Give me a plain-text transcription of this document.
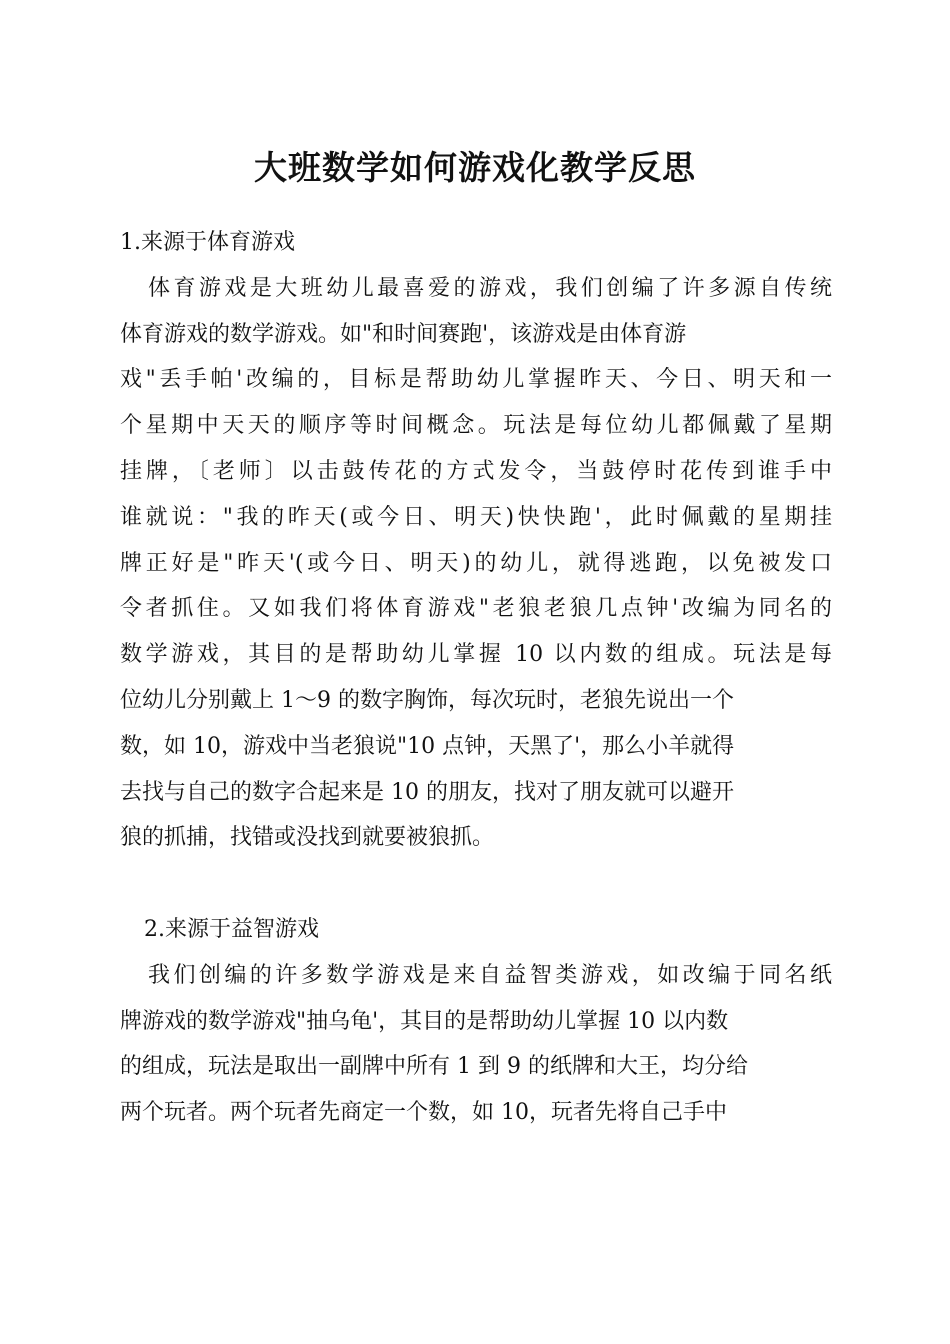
大班数学如何游戏化教学反思

1.来源于体育游戏

体育游戏是大班幼儿最喜爱的游戏，我们创编了许多源自传统
体育游戏的数学游戏。如"和时间赛跑'，该游戏是由体育游
戏"丢手帕'改编的，目标是帮助幼儿掌握昨天、今日、明天和一
个星期中天天的顺序等时间概念。玩法是每位幼儿都佩戴了星期
挂牌，〔老师〕以击鼓传花的方式发令，当鼓停时花传到谁手中
谁就说："我的昨天(或今日、明天)快快跑'，此时佩戴的星期挂
牌正好是"昨天'(或今日、明天)的幼儿，就得逃跑，以免被发口
令者抓住。又如我们将体育游戏"老狼老狼几点钟'改编为同名的
数学游戏，其目的是帮助幼儿掌握 10 以内数的组成。玩法是每
位幼儿分别戴上 1～9 的数字胸饰，每次玩时，老狼先说出一个
数，如 10，游戏中当老狼说"10 点钟，天黑了'，那么小羊就得
去找与自己的数字合起来是 10 的朋友，找对了朋友就可以避开
狼的抓捕，找错或没找到就要被狼抓。

2.来源于益智游戏

我们创编的许多数学游戏是来自益智类游戏，如改编于同名纸
牌游戏的数学游戏"抽乌龟'，其目的是帮助幼儿掌握 10 以内数
的组成，玩法是取出一副牌中所有 1 到 9 的纸牌和大王，均分给
两个玩者。两个玩者先商定一个数，如 10，玩者先将自己手中
